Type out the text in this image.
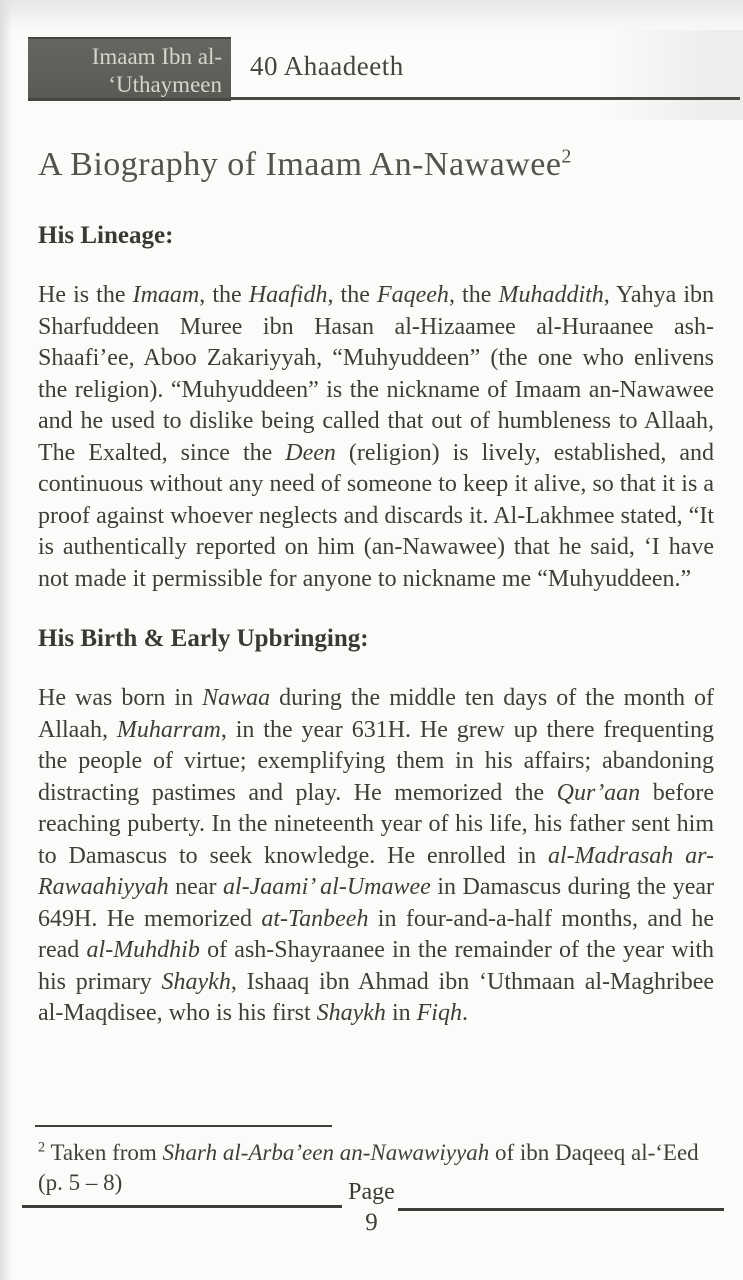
Imaam Ibn al-
‘Uthaymeen
40 Ahaadeeth
A Biography of Imaam An-Nawawee$^2$
His Lineage:

He is the Imaam, the Haafidh, the Faqeeh, the Muhaddith, Yahya ibn Sharfuddeen Muree ibn Hasan al-Hizaamee al-Huraanee ash-Shaafi’ee, Aboo Zakariyyah, “Muhyuddeen” (the one who enlivens the religion). “Muhyuddeen” is the nickname of Imaam an-Nawawee and he used to dislike being called that out of humbleness to Allaah, The Exalted, since the Deen (religion) is lively, established, and continuous without any need of someone to keep it alive, so that it is a proof against whoever neglects and discards it. Al-Lakhmee stated, “It is authentically reported on him (an-Nawawee) that he said, ‘I have not made it permissible for anyone to nickname me “Muhyuddeen.”

His Birth & Early Upbringing:

He was born in Nawaa during the middle ten days of the month of Allaah, Muharram, in the year 631H. He grew up there frequenting the people of virtue; exemplifying them in his affairs; abandoning distracting pastimes and play. He memorized the Qur’aan before reaching puberty. In the nineteenth year of his life, his father sent him to Damascus to seek knowledge. He enrolled in al-Madrasah ar-Rawaahiyyah near al-Jaami’ al-Umawee in Damascus during the year 649H. He memorized at-Tanbeeh in four-and-a-half months, and he read al-Muhdhib of ash-Shayraanee in the remainder of the year with his primary Shaykh, Ishaaq ibn Ahmad ibn ‘Uthmaan al-Maghribee al-Maqdisee, who is his first Shaykh in Fiqh.

$^2$ Taken from Sharh al-Arba’een an-Nawawiyyah of ibn Daqeeq al-‘Eed (p. 5 – 8)	Page
9
